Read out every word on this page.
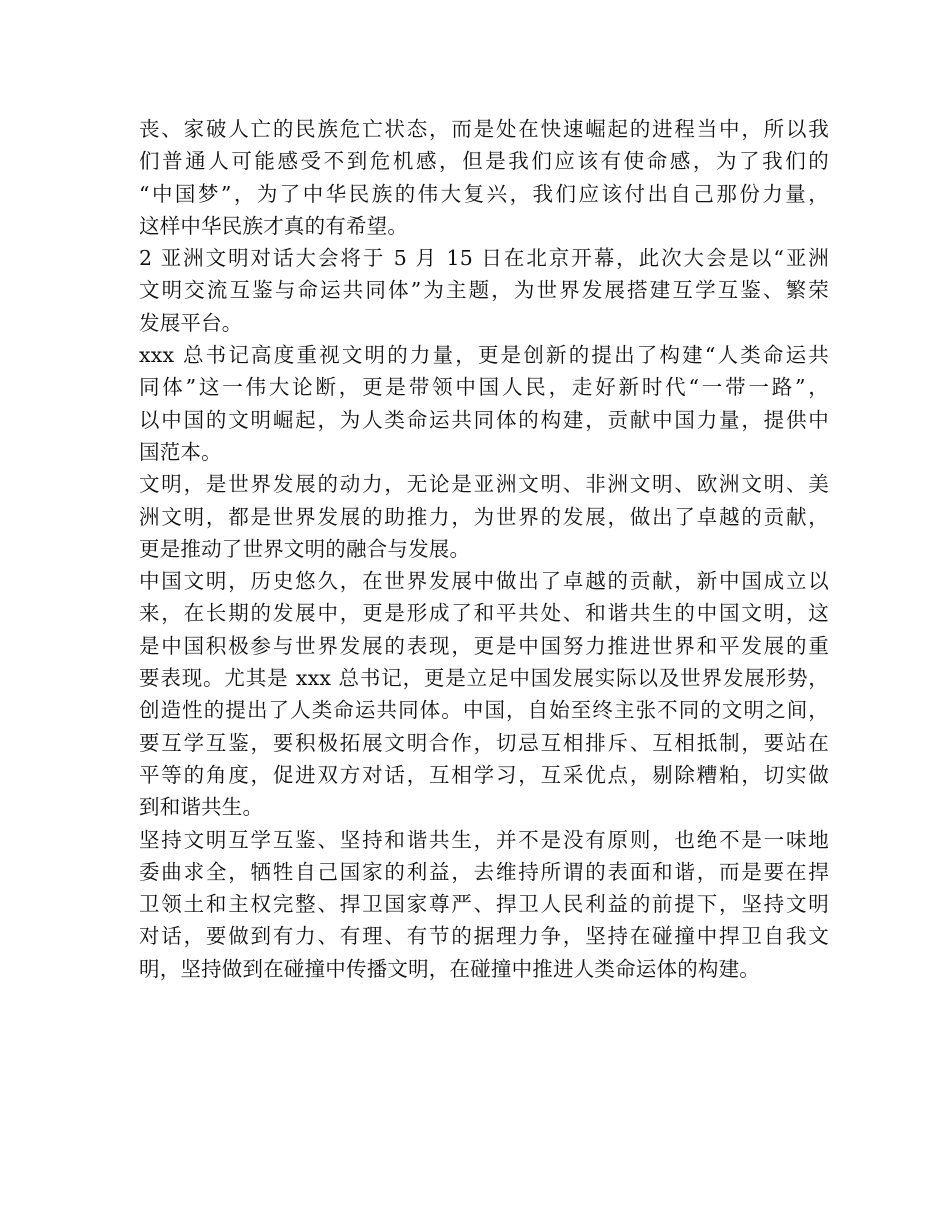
丧、家破人亡的民族危亡状态，而是处在快速崛起的进程当中，所以我
们普通人可能感受不到危机感，但是我们应该有使命感，为了我们的
“中国梦”，为了中华民族的伟大复兴，我们应该付出自己那份力量，
这样中华民族才真的有希望。
2 亚洲文明对话大会将于 5 月 15 日在北京开幕，此次大会是以“亚洲
文明交流互鉴与命运共同体”为主题，为世界发展搭建互学互鉴、繁荣
发展平台。
xxx 总书记高度重视文明的力量，更是创新的提出了构建“人类命运共
同体”这一伟大论断，更是带领中国人民，走好新时代“一带一路”，
以中国的文明崛起，为人类命运共同体的构建，贡献中国力量，提供中
国范本。
文明，是世界发展的动力，无论是亚洲文明、非洲文明、欧洲文明、美
洲文明，都是世界发展的助推力，为世界的发展，做出了卓越的贡献，
更是推动了世界文明的融合与发展。
中国文明，历史悠久，在世界发展中做出了卓越的贡献，新中国成立以
来，在长期的发展中，更是形成了和平共处、和谐共生的中国文明，这
是中国积极参与世界发展的表现，更是中国努力推进世界和平发展的重
要表现。尤其是 xxx 总书记，更是立足中国发展实际以及世界发展形势，
创造性的提出了人类命运共同体。中国，自始至终主张不同的文明之间，
要互学互鉴，要积极拓展文明合作，切忌互相排斥、互相抵制，要站在
平等的角度，促进双方对话，互相学习，互采优点，剔除糟粕，切实做
到和谐共生。
坚持文明互学互鉴、坚持和谐共生，并不是没有原则，也绝不是一味地
委曲求全，牺牲自己国家的利益，去维持所谓的表面和谐，而是要在捍
卫领土和主权完整、捍卫国家尊严、捍卫人民利益的前提下，坚持文明
对话，要做到有力、有理、有节的据理力争，坚持在碰撞中捍卫自我文
明，坚持做到在碰撞中传播文明，在碰撞中推进人类命运体的构建。
